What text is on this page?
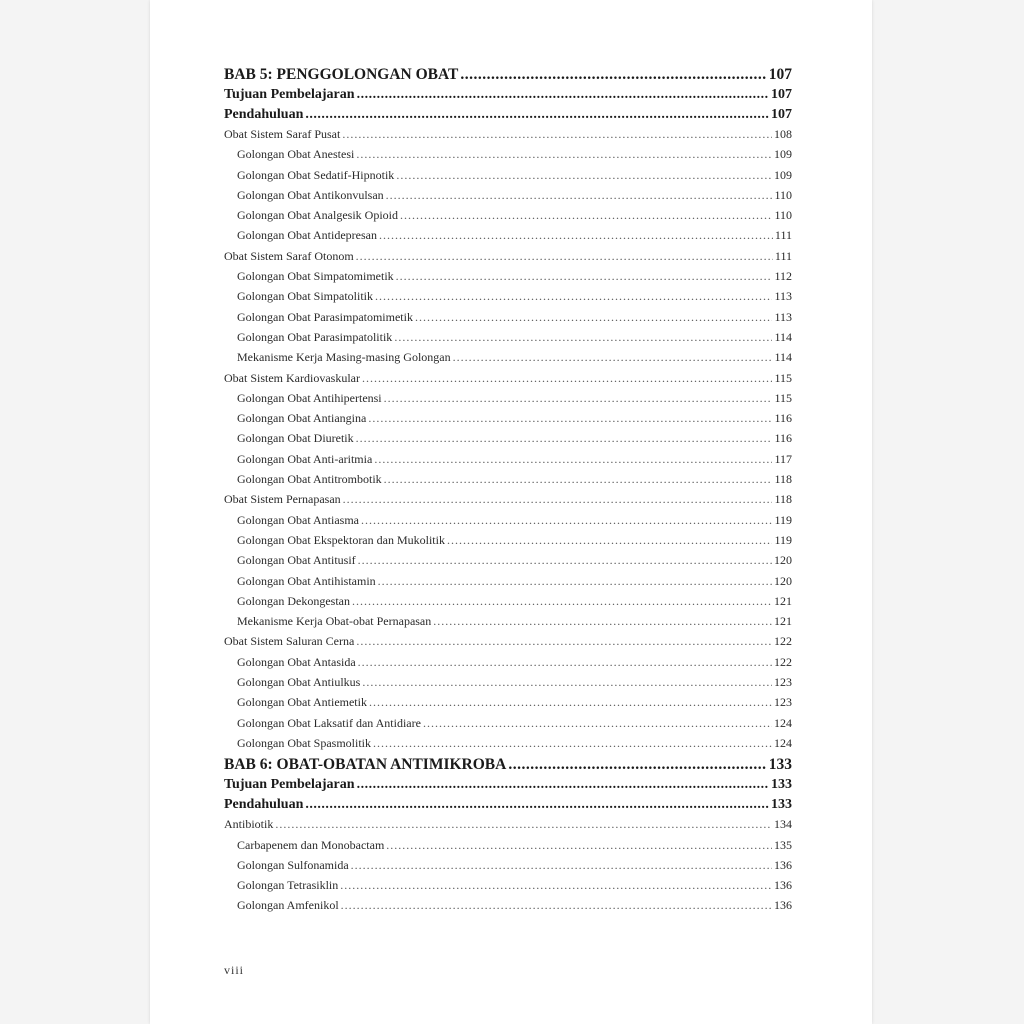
BAB 5: PENGGOLONGAN OBAT .....	107
Tujuan Pembelajaran .....	107
Pendahuluan .....	107
Obat Sistem Saraf Pusat .....	108
Golongan Obat Anestesi .....	109
Golongan Obat Sedatif-Hipnotik .....	109
Golongan Obat Antikonvulsan .....	110
Golongan Obat Analgesik Opioid .....	110
Golongan Obat Antidepresan .....	111
Obat Sistem Saraf Otonom .....	111
Golongan Obat Simpatomimetik .....	112
Golongan Obat Simpatolitik .....	113
Golongan Obat Parasimpatomimetik .....	113
Golongan Obat Parasimpatolitik .....	114
Mekanisme Kerja Masing-masing Golongan .....	114
Obat Sistem Kardiovaskular .....	115
Golongan Obat Antihipertensi .....	115
Golongan Obat Antiangina .....	116
Golongan Obat Diuretik .....	116
Golongan Obat Anti-aritmia .....	117
Golongan Obat Antitrombotik .....	118
Obat Sistem Pernapasan .....	118
Golongan Obat Antiasma .....	119
Golongan Obat Ekspektoran dan Mukolitik .....	119
Golongan Obat Antitusif .....	120
Golongan Obat Antihistamin .....	120
Golongan Dekongestan .....	121
Mekanisme Kerja Obat-obat Pernapasan .....	121
Obat Sistem Saluran Cerna .....	122
Golongan Obat Antasida .....	122
Golongan Obat Antiulkus .....	123
Golongan Obat Antiemetik .....	123
Golongan Obat Laksatif dan Antidiare .....	124
Golongan Obat Spasmolitik .....	124
BAB 6: OBAT-OBATAN ANTIMIKROBA .....	133
Tujuan Pembelajaran .....	133
Pendahuluan .....	133
Antibiotik .....	134
Carbapenem dan Monobactam .....	135
Golongan Sulfonamida .....	136
Golongan Tetrasiklin .....	136
Golongan Amfenikol .....	136
viii
